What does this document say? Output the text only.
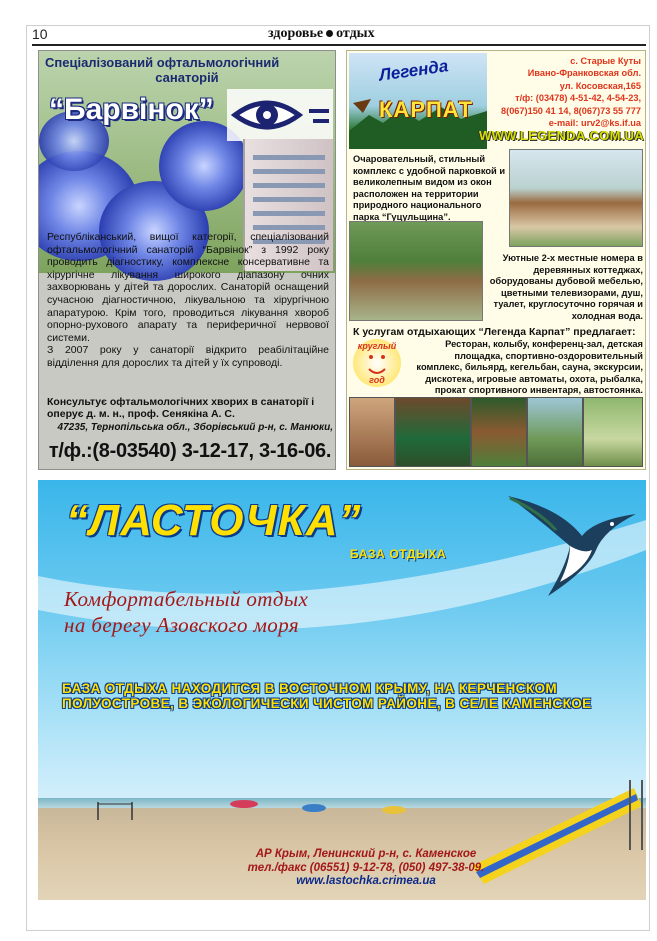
10	здоровье отдых
Спеціалізований офтальмологічний
санаторій
“Барвінок”
Республіканський, вищої категорії, спеціалізований офтальмологічний санаторій “Барвінок” з 1992 року проводить діагностику, комплексне консервативне та хірургічне лікування широкого діапазону очних захворювань у дітей та дорослих. Санаторій оснащений сучасною діагностичною, лікувальною та хірургічною апаратурою. Крім того, проводиться лікування хвороб опорно-рухового апарату та периферичної нервової системи.
З 2007 року у санаторії відкрито реабілітаційне відділення для дорослих та дітей у їх супроводі.
Консультує офтальмологічних хворих в санаторії і оперує д. м. н., проф. Сенякіна А. С.
47235, Тернопільська обл., Зборівський р-н, с. Манюки,
т/ф.:(8-03540) 3-12-17, 3-16-06.
Легенда
КАРПАТ
с. Старые Куты
Ивано-Франковская обл.
ул. Косовская,165
т/ф: (03478) 4-51-42, 4-54-23,
8(067)150 41 14, 8(067)73 55 777
e-mail: urv2@ks.if.ua
WWW.LEGENDA.COM.UA
Очаровательный, стильный комплекс с удобной парковкой и великолепным видом из окон расположен на территории природного национального парка “Гуцульщина”.
Уютные 2-х местные номера в деревянных коттеджах, оборудованы дубовой мебелью, цветными телевизорами, душ, туалет, круглосуточно горячая и холодная вода.
К услугам отдыхающих “Легенда Карпат” предлагает:
круглый
год
Ресторан, колыбу, конференц-зал, детская площадка, спортивно-оздоровительный комплекс, бильярд, кегельбан, сауна, экскурсии, дискотека, игровые автоматы, охота, рыбалка, прокат спортивного инвентаря, автостоянка.
“ЛАСТОЧКА”
БАЗА ОТДЫХА
Комфортабельный отдых
на берегу Азовского моря
БАЗА ОТДЫХА НАХОДИТСЯ В ВОСТОЧНОМ КРЫМУ, НА КЕРЧЕНСКОМ ПОЛУОСТРОВЕ, В ЭКОЛОГИЧЕСКИ ЧИСТОМ РАЙОНЕ, В СЕЛЕ КАМЕНСКОЕ
АР Крым, Ленинский р-н, с. Каменское
тел./факс (06551) 9-12-78, (050) 497-38-09.
www.lastochka.crimea.ua
